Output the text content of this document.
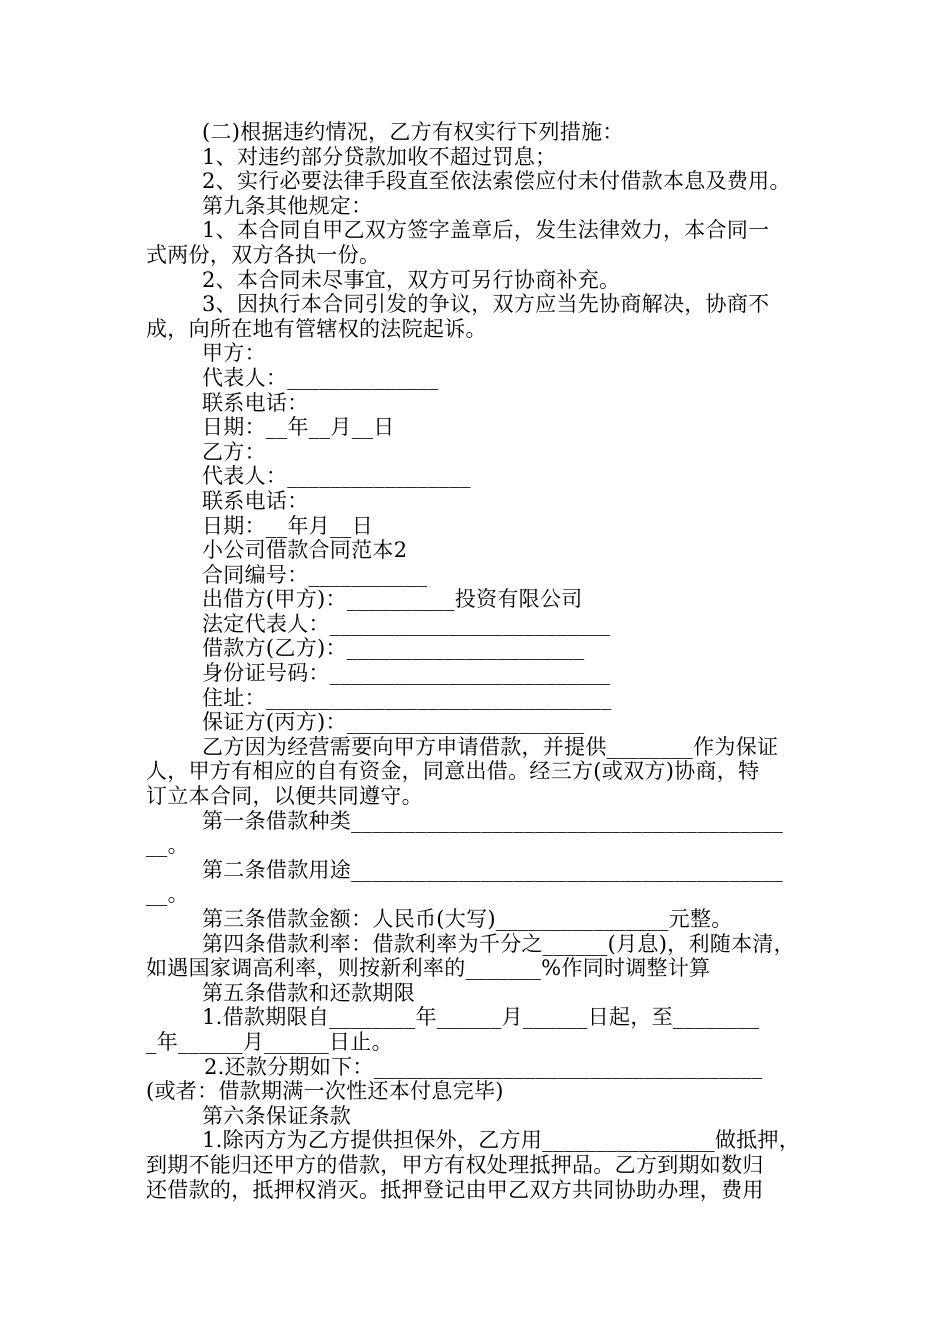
(二)根据违约情况，乙方有权实行下列措施：
1、对违约部分贷款加收不超过罚息；
2、实行必要法律手段直至依法索偿应付未付借款本息及费用。
第九条其他规定：
1、本合同自甲乙双方签字盖章后，发生法律效力，本合同一
式两份，双方各执一份。
2、本合同未尽事宜，双方可另行协商补充。
3、因执行本合同引发的争议，双方应当先协商解决，协商不
成，向所在地有管辖权的法院起诉。
甲方：
代表人：______________
联系电话：
日期：__年__月__日
乙方：
代表人：_________________
联系电话：
日期：__年月__日
小公司借款合同范本2
合同编号：___________
出借方(甲方)：__________投资有限公司
法定代表人：__________________________
借款方(乙方)：______________________
身份证号码：__________________________
住址：________________________________
保证方(丙方)：______________________
乙方因为经营需要向甲方申请借款，并提供________作为保证
人，甲方有相应的自有资金，同意出借。经三方(或双方)协商，特
订立本合同，以便共同遵守。
第一条借款种类________________________________________
__。
第二条借款用途________________________________________
__。
第三条借款金额：人民币(大写)________________元整。
第四条借款利率：借款利率为千分之______(月息)，利随本清，
如遇国家调高利率，则按新利率的_______%作同时调整计算
第五条借款和还款期限
1.借款期限自________年______月______日起，至________
_年______月______日止。
2.还款分期如下：____________________________________
(或者：借款期满一次性还本付息完毕)
第六条保证条款
1.除丙方为乙方提供担保外，乙方用________________做抵押，
到期不能归还甲方的借款，甲方有权处理抵押品。乙方到期如数归
还借款的，抵押权消灭。抵押登记由甲乙双方共同协助办理，费用
